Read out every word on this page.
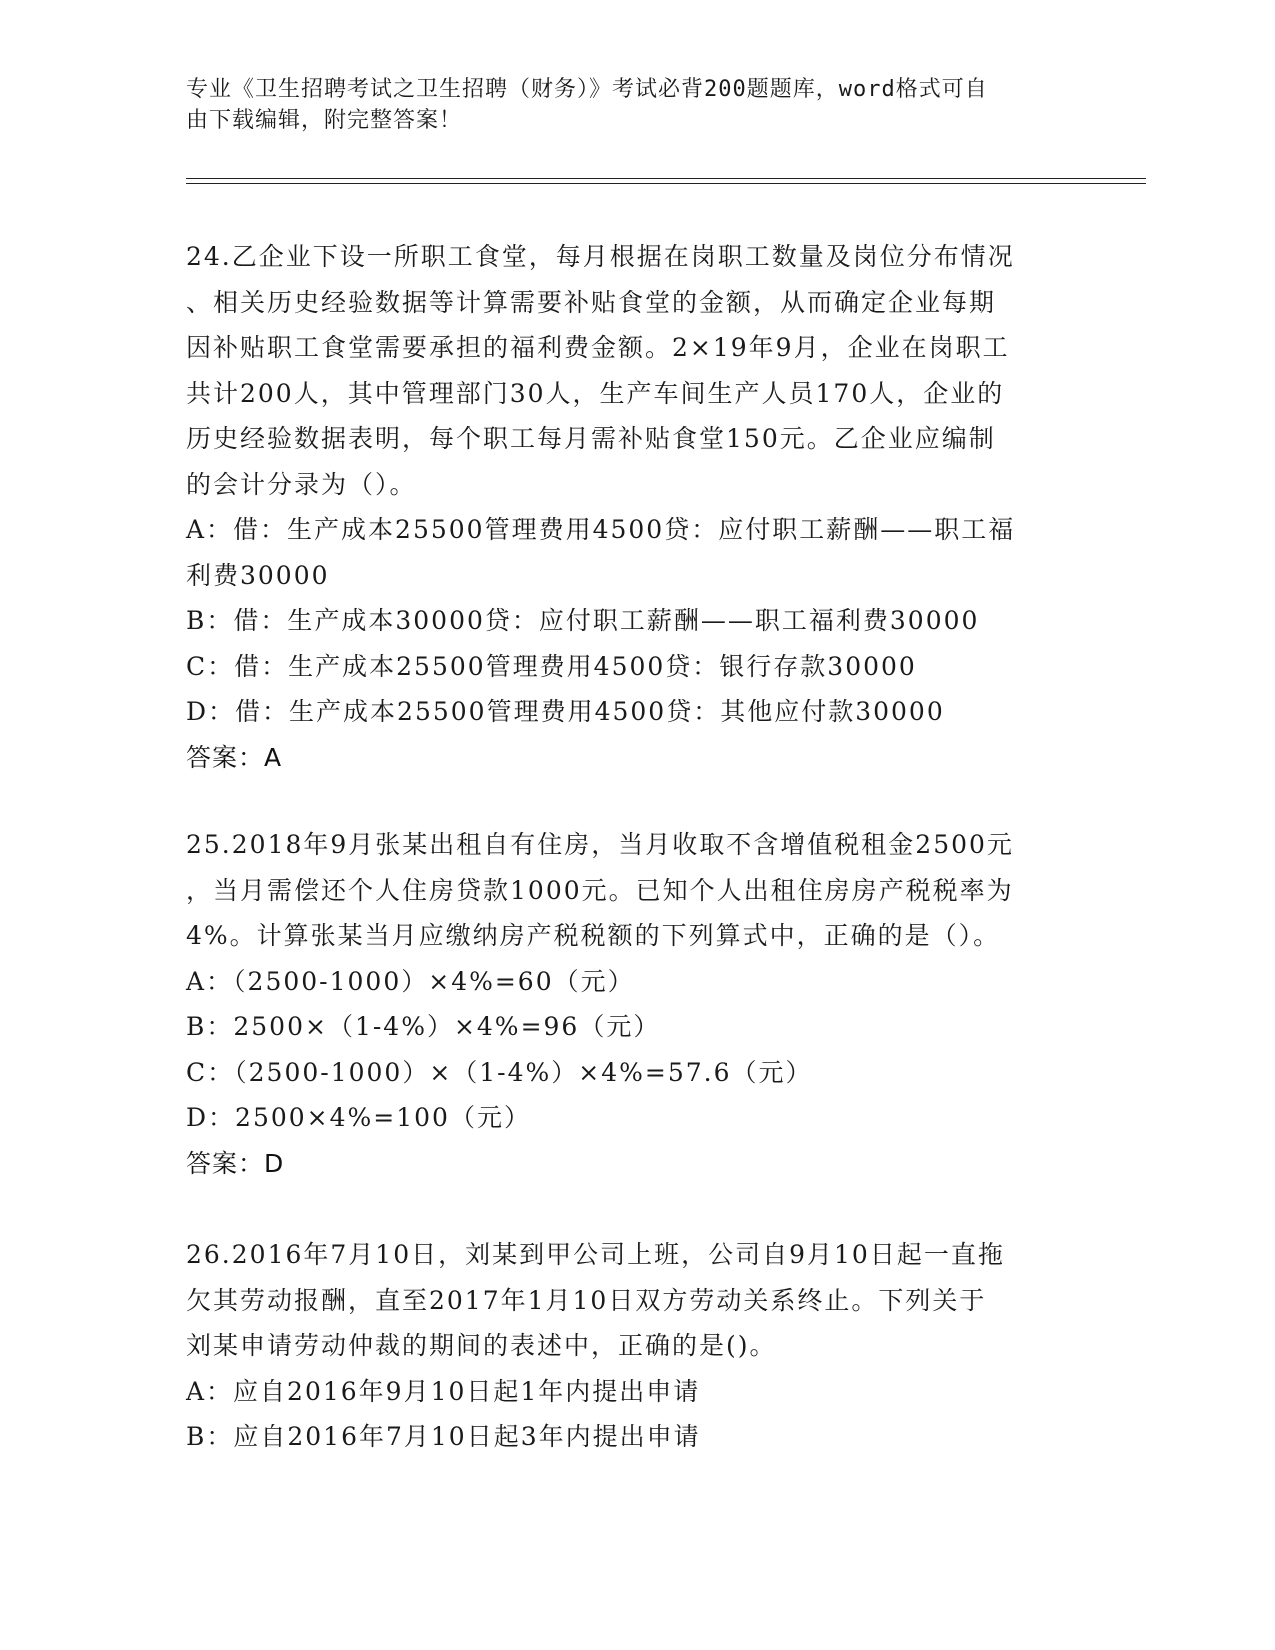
专业《卫生招聘考试之卫生招聘（财务）》考试必背200题题库，word格式可自
由下载编辑，附完整答案！
24.乙企业下设一所职工食堂，每月根据在岗职工数量及岗位分布情况
、相关历史经验数据等计算需要补贴食堂的金额，从而确定企业每期
因补贴职工食堂需要承担的福利费金额。2×19年9月，企业在岗职工
共计200人，其中管理部门30人，生产车间生产人员170人，企业的
历史经验数据表明，每个职工每月需补贴食堂150元。乙企业应编制
的会计分录为（）。
A：借：生产成本25500管理费用4500贷：应付职工薪酬——职工福
利费30000
B：借：生产成本30000贷：应付职工薪酬——职工福利费30000
C：借：生产成本25500管理费用4500贷：银行存款30000
D：借：生产成本25500管理费用4500贷：其他应付款30000
答案：A
25.2018年9月张某出租自有住房，当月收取不含增值税租金2500元
，当月需偿还个人住房贷款1000元。已知个人出租住房房产税税率为
4%。计算张某当月应缴纳房产税税额的下列算式中，正确的是（）。
A：（2500-1000）×4%=60（元）
B：2500×（1-4%）×4%=96（元）
C：（2500-1000）×（1-4%）×4%=57.6（元）
D：2500×4%=100（元）
答案：D
26.2016年7月10日，刘某到甲公司上班，公司自9月10日起一直拖
欠其劳动报酬，直至2017年1月10日双方劳动关系终止。下列关于
刘某申请劳动仲裁的期间的表述中，正确的是()。
A：应自2016年9月10日起1年内提出申请
B：应自2016年7月10日起3年内提出申请
